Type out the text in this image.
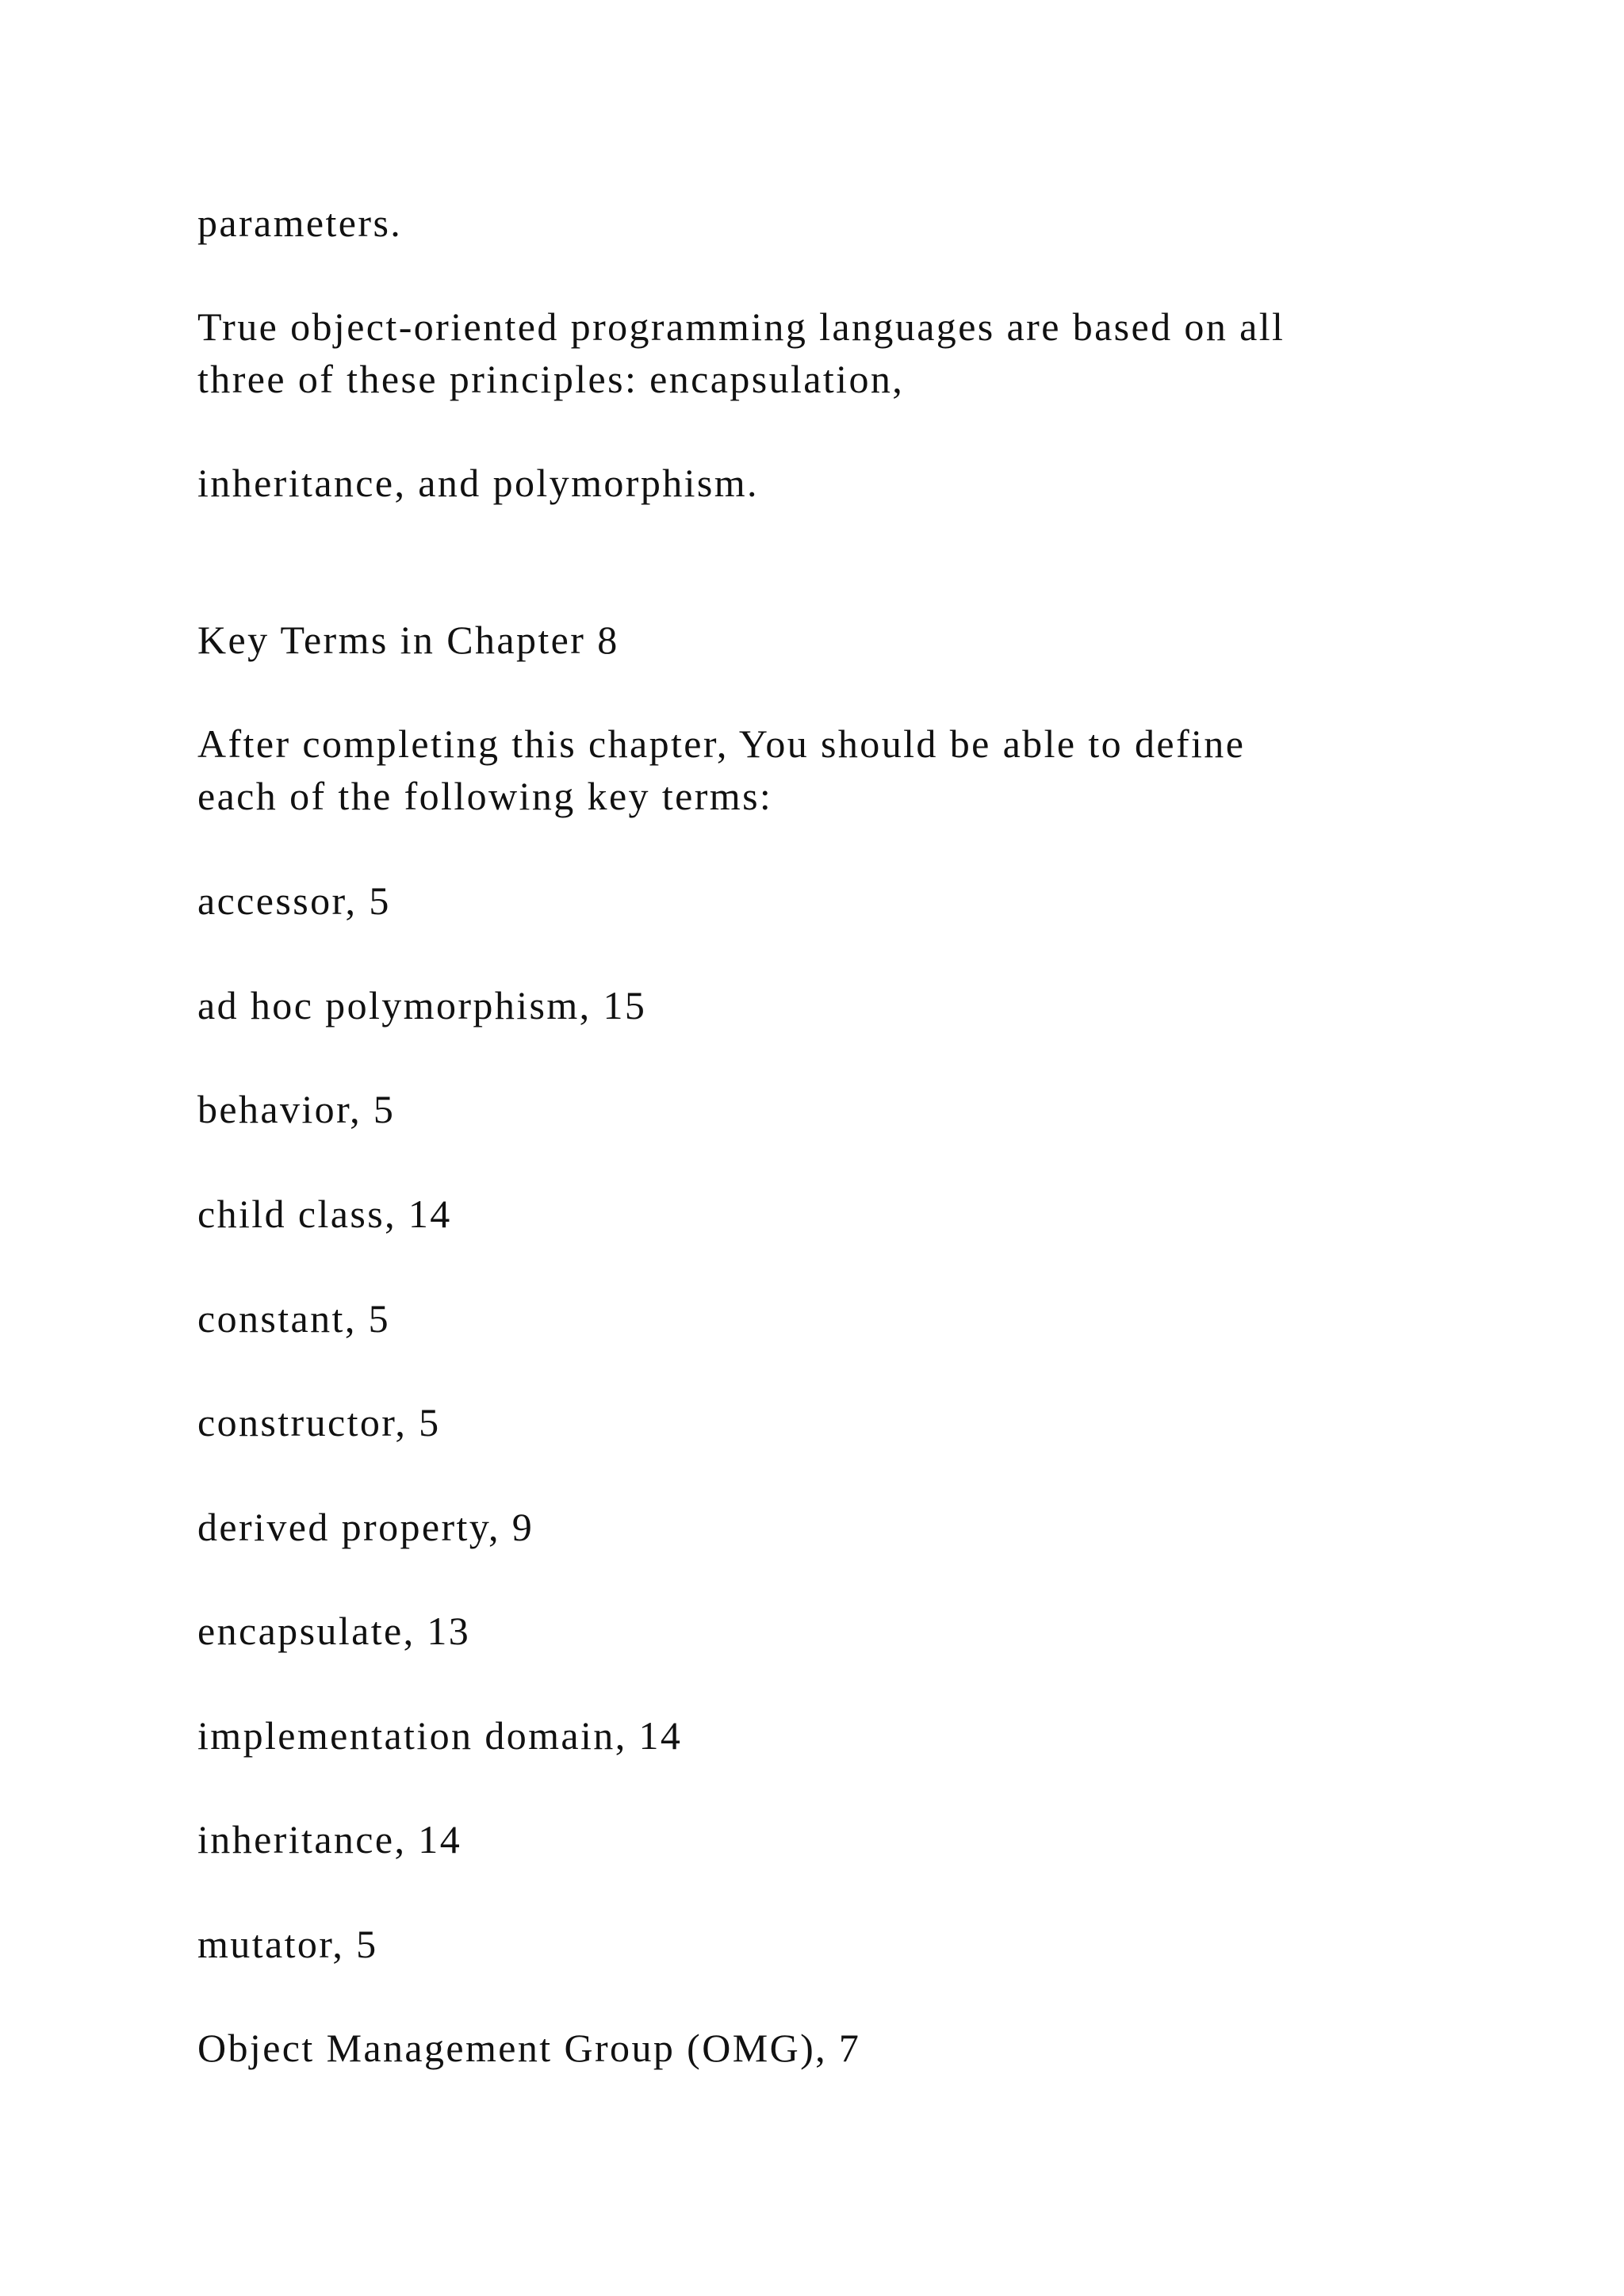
parameters.

True object-oriented programming languages are based on all

three of these principles: encapsulation,

inheritance, and polymorphism.

Key Terms in Chapter 8

After completing this chapter, You should be able to define

each of the following key terms:

accessor, 5

ad hoc polymorphism, 15

behavior, 5

child class, 14

constant, 5

constructor, 5

derived property, 9

encapsulate, 13

implementation domain, 14

inheritance, 14

mutator, 5

Object Management Group (OMG), 7
